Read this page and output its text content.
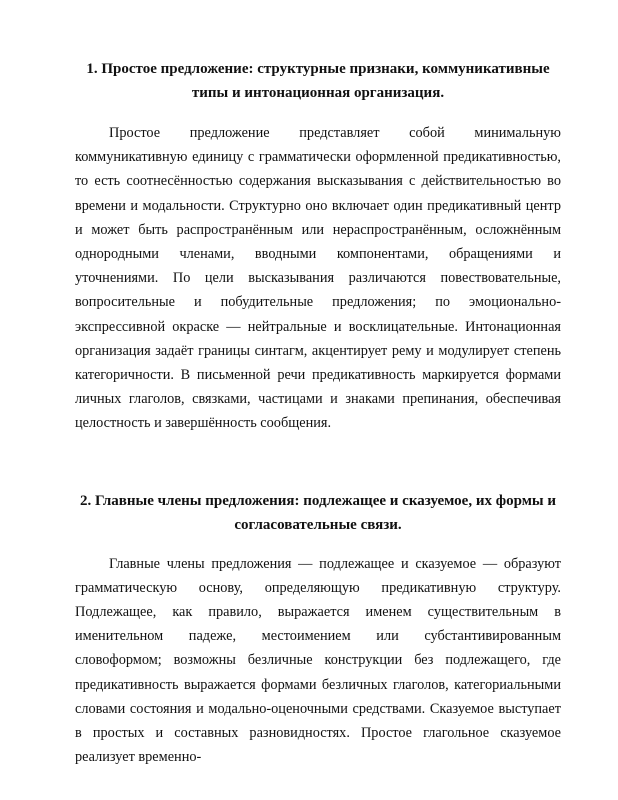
1. Простое предложение: структурные признаки, коммуникативные типы и интонационная организация.

Простое предложение представляет собой минимальную коммуникативную единицу с грамматически оформленной предикативностью, то есть соотнесённостью содержания высказывания с действительностью во времени и модальности. Структурно оно включает один предикативный центр и может быть распространённым или нераспространённым, осложнённым однородными членами, вводными компонентами, обращениями и уточнениями. По цели высказывания различаются повествовательные, вопросительные и побудительные предложения; по эмоционально-экспрессивной окраске — нейтральные и восклицательные. Интонационная организация задаёт границы синтагм, акцентирует рему и модулирует степень категоричности. В письменной речи предикативность маркируется формами личных глаголов, связками, частицами и знаками препинания, обеспечивая целостность и завершённость сообщения.

2. Главные члены предложения: подлежащее и сказуемое, их формы и согласовательные связи.

Главные члены предложения — подлежащее и сказуемое — образуют грамматическую основу, определяющую предикативную структуру. Подлежащее, как правило, выражается именем существительным в именительном падеже, местоимением или субстантивированным словоформом; возможны безличные конструкции без подлежащего, где предикативность выражается формами безличных глаголов, категориальными словами состояния и модально-оценочными средствами. Сказуемое выступает в простых и составных разновидностях. Простое глагольное сказуемое реализует временно-
